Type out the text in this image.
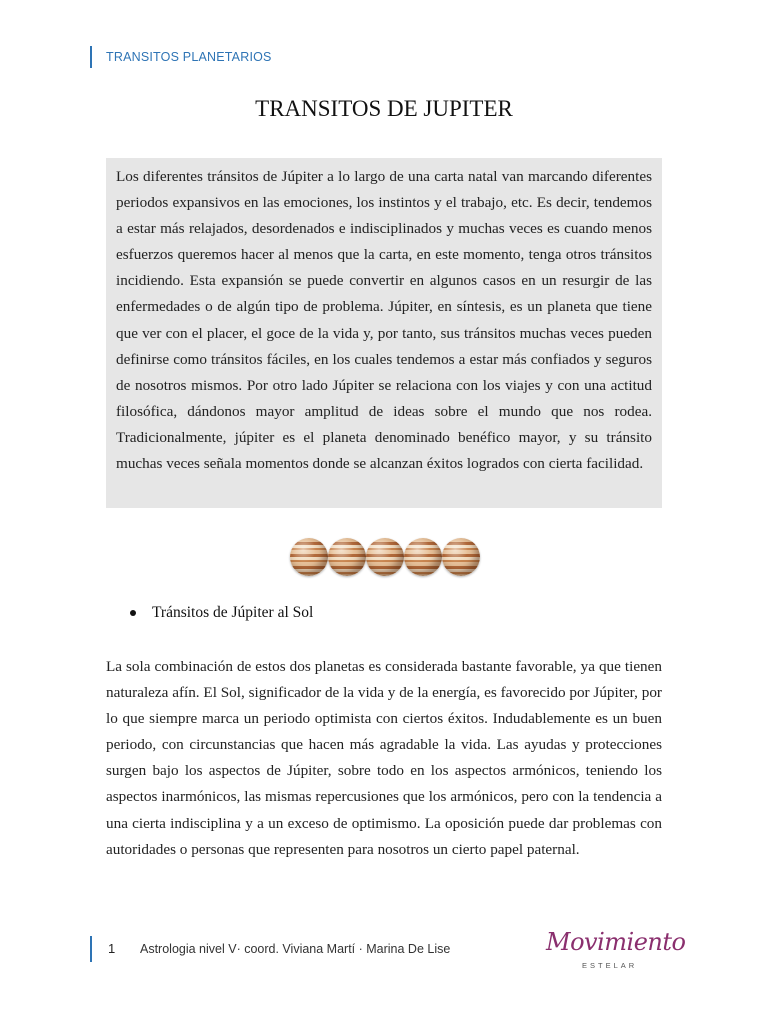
TRANSITOS PLANETARIOS
TRANSITOS DE JUPITER

Los diferentes tránsitos de Júpiter a lo largo de una carta natal van marcando diferentes periodos expansivos en las emociones, los instintos y el trabajo, etc. Es decir, tendemos a estar más relajados, desordenados e indisciplinados y muchas veces es cuando menos esfuerzos queremos hacer al menos que la carta, en este momento, tenga otros tránsitos incidiendo. Esta expansión se puede convertir en algunos casos en un resurgir de las enfermedades o de algún tipo de problema. Júpiter, en síntesis, es un planeta que tiene que ver con el placer, el goce de la vida y, por tanto, sus tránsitos muchas veces pueden definirse como tránsitos fáciles, en los cuales tendemos a estar más confiados y seguros de nosotros mismos. Por otro lado Júpiter se relaciona con los viajes y con una actitud filosófica, dándonos mayor amplitud de ideas sobre el mundo que nos rodea. Tradicionalmente, júpiter es el planeta denominado benéfico mayor, y su tránsito muchas veces señala momentos donde se alcanzan éxitos logrados con cierta facilidad.

Tránsitos de Júpiter al Sol

La sola combinación de estos dos planetas es considerada bastante favorable, ya que tienen naturaleza afín. El Sol, significador de la vida y de la energía, es favorecido por Júpiter, por lo que siempre marca un periodo optimista con ciertos éxitos. Indudablemente es un buen periodo, con circunstancias que hacen más agradable la vida. Las ayudas y protecciones surgen bajo los aspectos de Júpiter, sobre todo en los aspectos armónicos, teniendo los aspectos inarmónicos, las mismas repercusiones que los armónicos, pero con la tendencia a una cierta indisciplina y a un exceso de optimismo. La oposición puede dar problemas con autoridades o personas que representen para nosotros un cierto papel paternal.

1 Astrologia nivel V· coord. Viviana Martí · Marina De Lise	Movimiento
ESTELAR
